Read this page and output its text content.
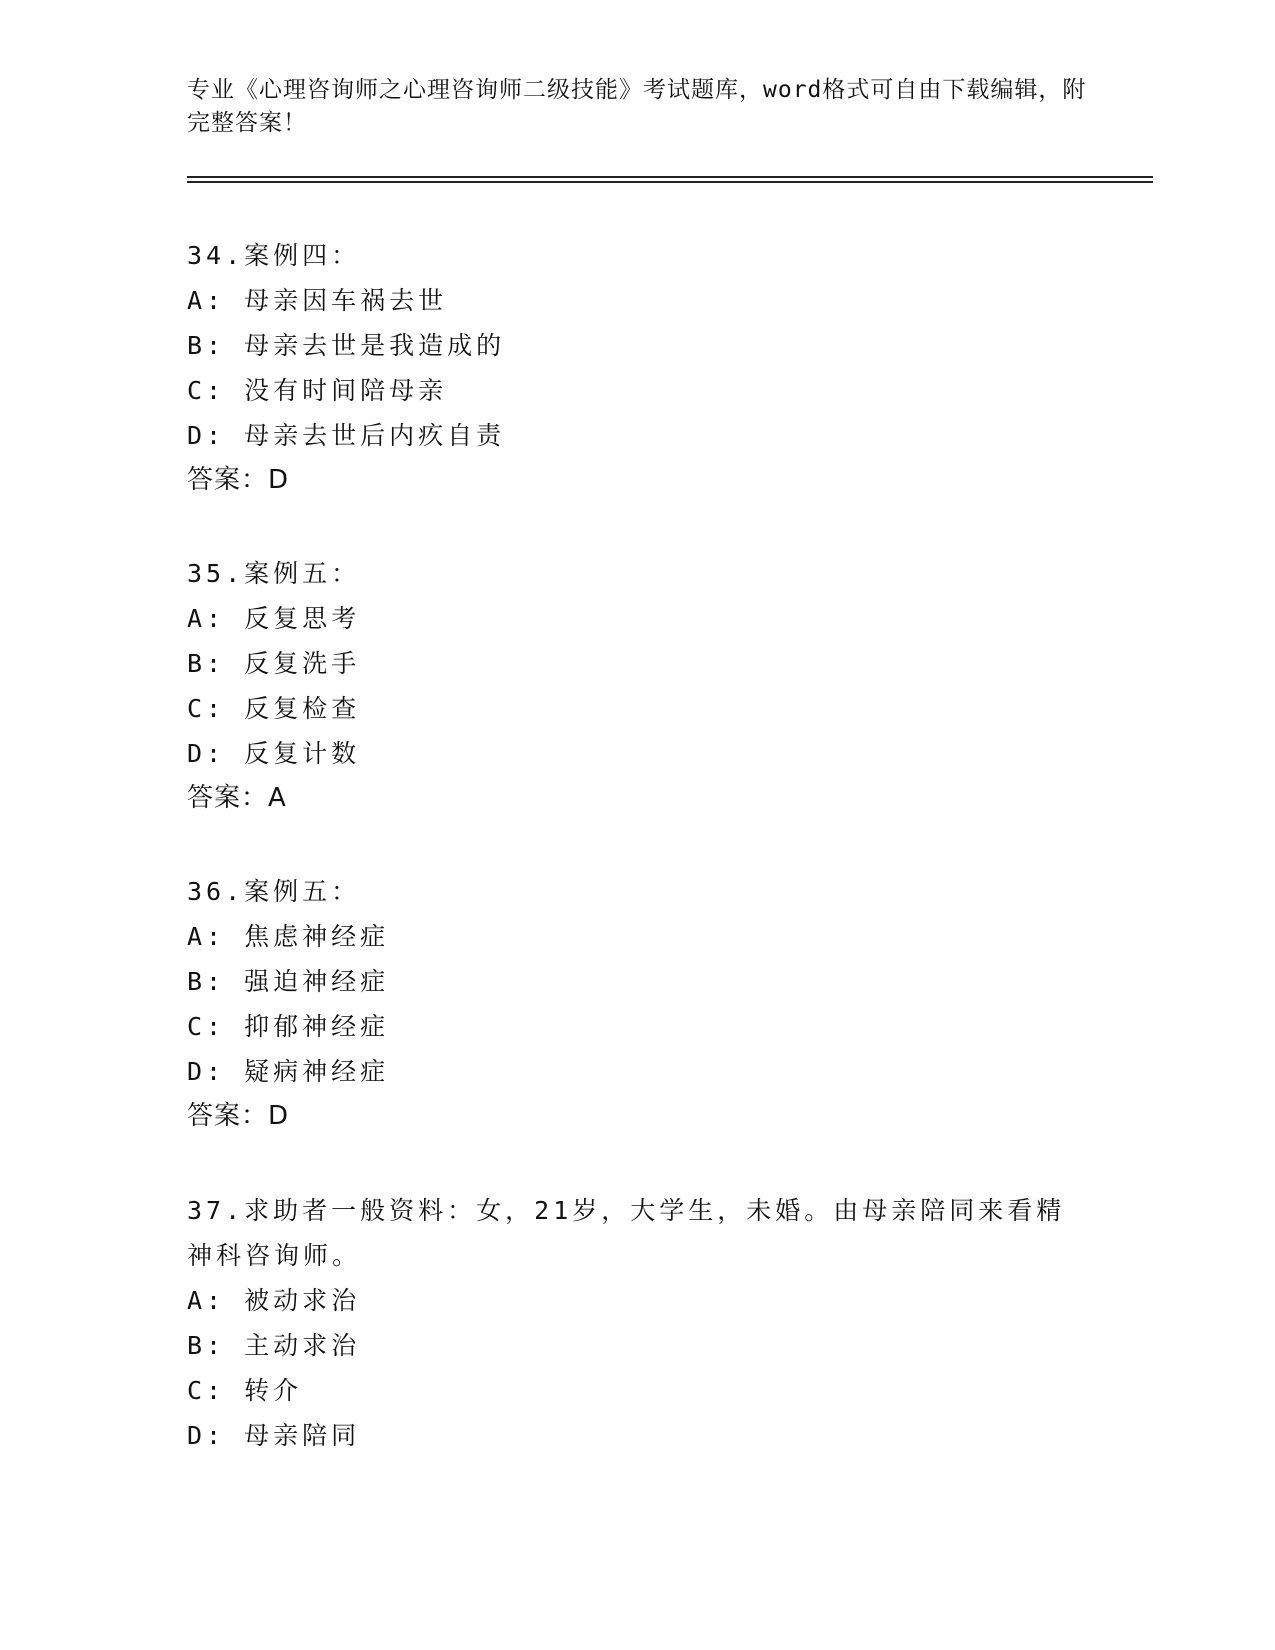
专业《心理咨询师之心理咨询师二级技能》考试题库，word格式可自由下载编辑，附完整答案！
34.案例四：
A: 母亲因车祸去世
B: 母亲去世是我造成的
C: 没有时间陪母亲
D: 母亲去世后内疚自责
答案：D
35.案例五：
A: 反复思考
B: 反复洗手
C: 反复检查
D: 反复计数
答案：A
36.案例五：
A: 焦虑神经症
B: 强迫神经症
C: 抑郁神经症
D: 疑病神经症
答案：D
37.求助者一般资料：女，21岁，大学生，未婚。由母亲陪同来看精神科咨询师。
A: 被动求治
B: 主动求治
C: 转介
D: 母亲陪同
